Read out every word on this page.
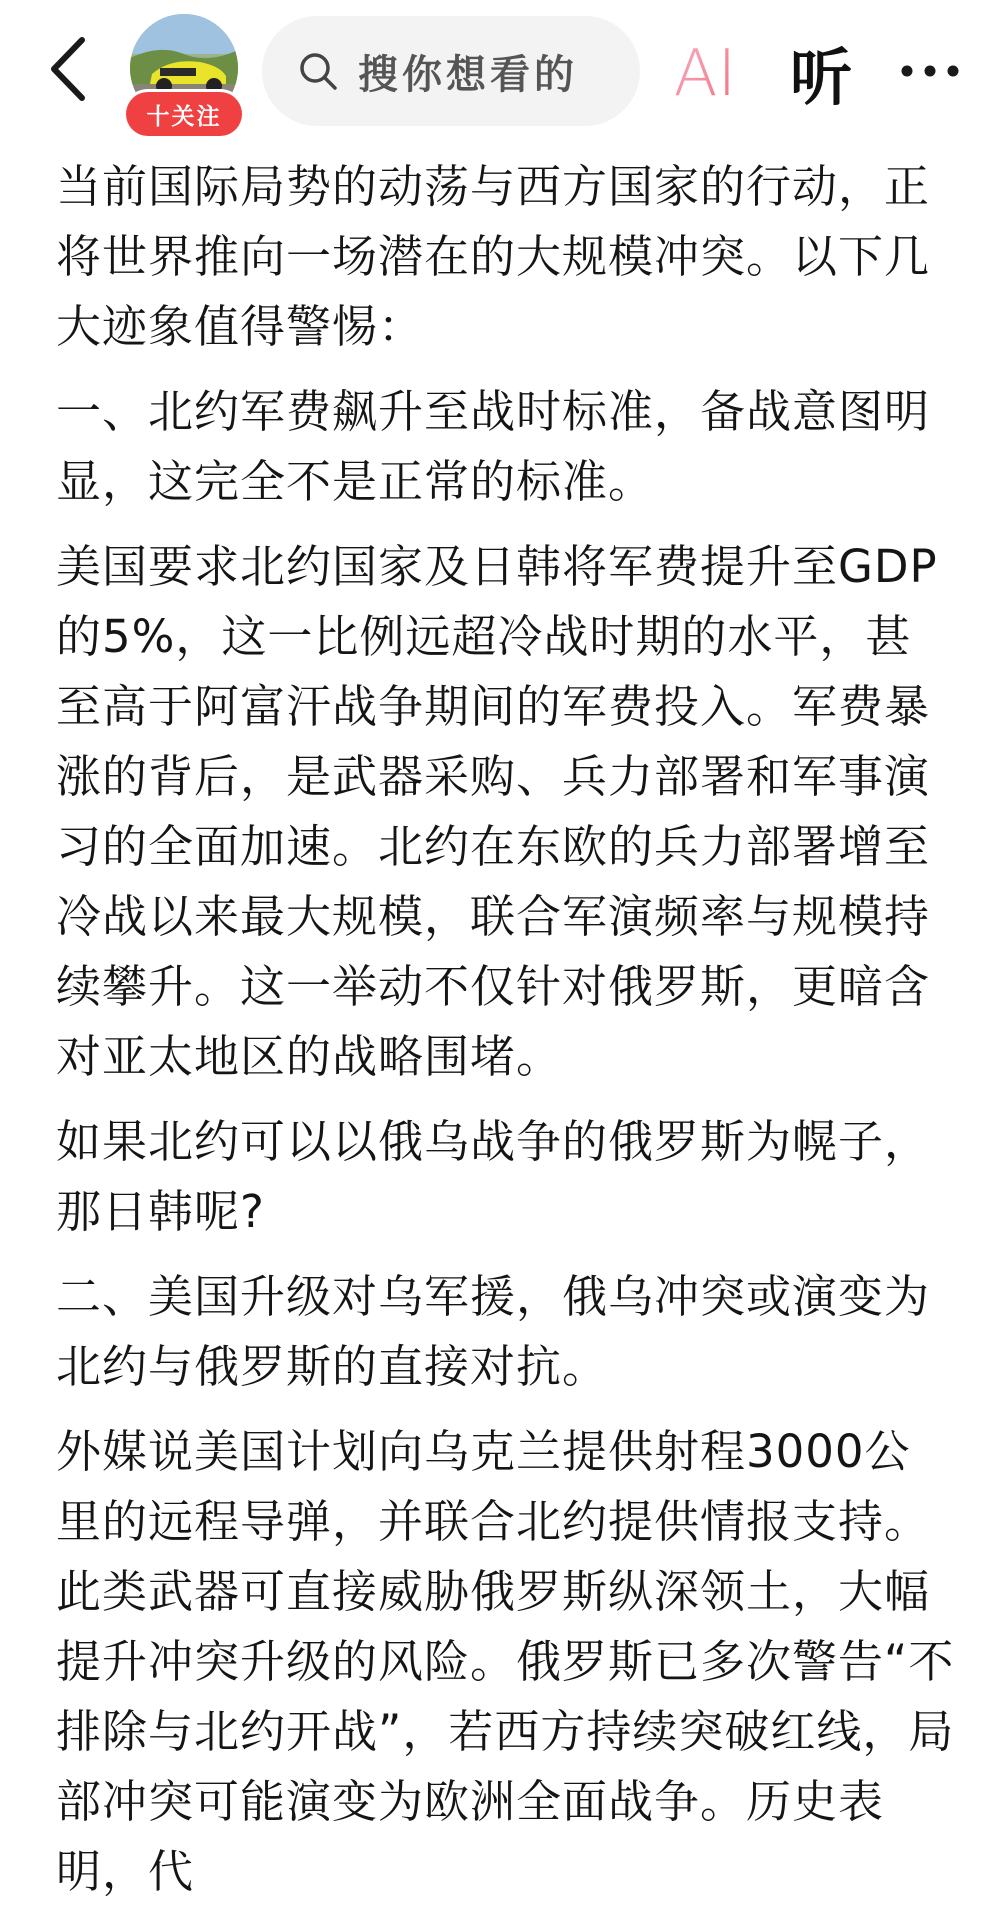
十关注
搜你想看的 AI 听

当前国际局势的动荡与西方国家的行动，正将世界推向一场潜在的大规模冲突。以下几大迹象值得警惕：

一、北约军费飙升至战时标准，备战意图明显，这完全不是正常的标准。

美国要求北约国家及日韩将军费提升至GDP的5%，这一比例远超冷战时期的水平，甚至高于阿富汗战争期间的军费投入。军费暴涨的背后，是武器采购、兵力部署和军事演习的全面加速。北约在东欧的兵力部署增至冷战以来最大规模，联合军演频率与规模持续攀升。这一举动不仅针对俄罗斯，更暗含对亚太地区的战略围堵。

如果北约可以以俄乌战争的俄罗斯为幌子，那日韩呢?

二、美国升级对乌军援，俄乌冲突或演变为北约与俄罗斯的直接对抗。

外媒说美国计划向乌克兰提供射程3000公里的远程导弹，并联合北约提供情报支持。此类武器可直接威胁俄罗斯纵深领土，大幅提升冲突升级的风险。俄罗斯已多次警告“不排除与北约开战”，若西方持续突破红线，局部冲突可能演变为欧洲全面战争。历史表明，代
